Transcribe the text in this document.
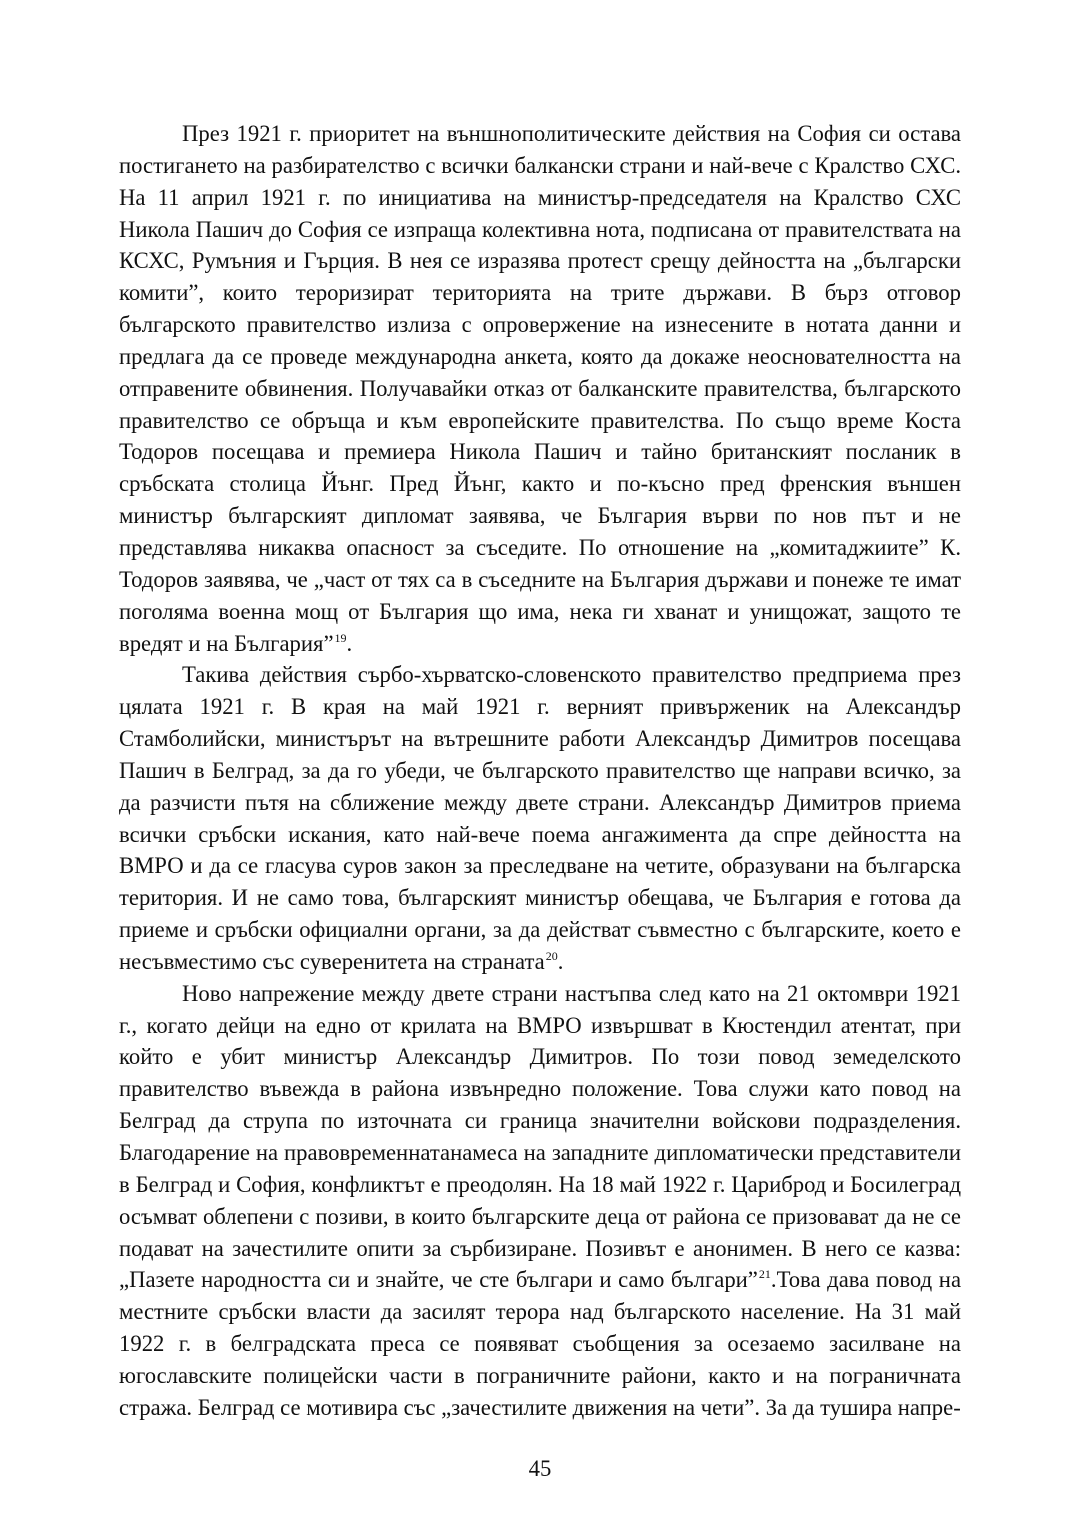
През 1921 г. приоритет на външнополитическите действия на София си остава постигането на разбирателство с всички балкански страни и най-вече с Кралство СХС. На 11 април 1921 г. по инициатива на министър-председателя на Кралство СХС Никола Пашич до София се изпраща колективна нота, подписана от правителствата на КСХС, Румъния и Гърция. В нея се изразява протест срещу дейността на „български комити”, които тероризират територията на трите държави. В бърз отговор българското правителство излиза с опровержение на изнесените в нотата данни и предлага да се проведе международна анкета, която да докаже неоснователността на отправените обвинения. Получавайки отказ от балканските правителства, българското правителство се обръща и към европейските правителства. По също време Коста Тодоров посещава и премиера Никола Пашич и тайно британският посланик в сръбската столица Йънг. Пред Йънг, както и по-късно пред френския външен министър българският дипломат заявява, че България върви по нов път и не представлява никаква опасност за съседите. По отношение на „комитаджиите” К. Тодоров заявява, че „част от тях са в съседните на България държави и понеже те имат поголяма военна мощ от България що има, нека ги хванат и унищожат, защото те вредят и на България”$^{19}$.

Такива действия сърбо-хърватско-словенското правителство предприема през цялата 1921 г. В края на май 1921 г. верният привърженик на Александър Стамболийски, министърът на вътрешните работи Александър Димитров посещава Пашич в Белград, за да го убеди, че българското правителство ще направи всичко, за да разчисти пътя на сближение между двете страни. Александър Димитров приема всички сръбски искания, като най-вече поема ангажимента да спре дейността на ВМРО и да се гласува суров закон за преследване на четите, образувани на българска територия. И не само това, българският министър обещава, че България е готова да приеме и сръбски официални органи, за да действат съвместно с българските, което е несъвместимо със суверенитета на страната$^{20}$.

Ново напрежение между двете страни настъпва след като на 21 октомври 1921 г., когато дейци на едно от крилата на ВМРО извършват в Кюстендил атентат, при който е убит министър Александър Димитров. По този повод земеделското правителство въвежда в района извънредно положение. Това служи като повод на Белград да струпа по източната си граница значителни войскови подразделения. Благодарение на правовременнатанамеса на западните дипломатически представители в Белград и София, конфликтът е преодолян. На 18 май 1922 г. Цариброд и Босилеград осъмват облепени с позиви, в които българските деца от района се призовават да не се подават на зачестилите опити за сърбизиране. Позивът е анонимен. В него се казва: „Пазете народността си и знайте, че сте българи и само българи”$^{21}$.Това дава повод на местните сръбски власти да засилят терора над българското население. На 31 май 1922 г. в белградската преса се появяват съобщения за осезаемо засилване на югославските полицейски части в пограничните райони, както и на пограничната стража. Белград се мотивира със „зачестилите движения на чети”. За да тушира напре-

45
